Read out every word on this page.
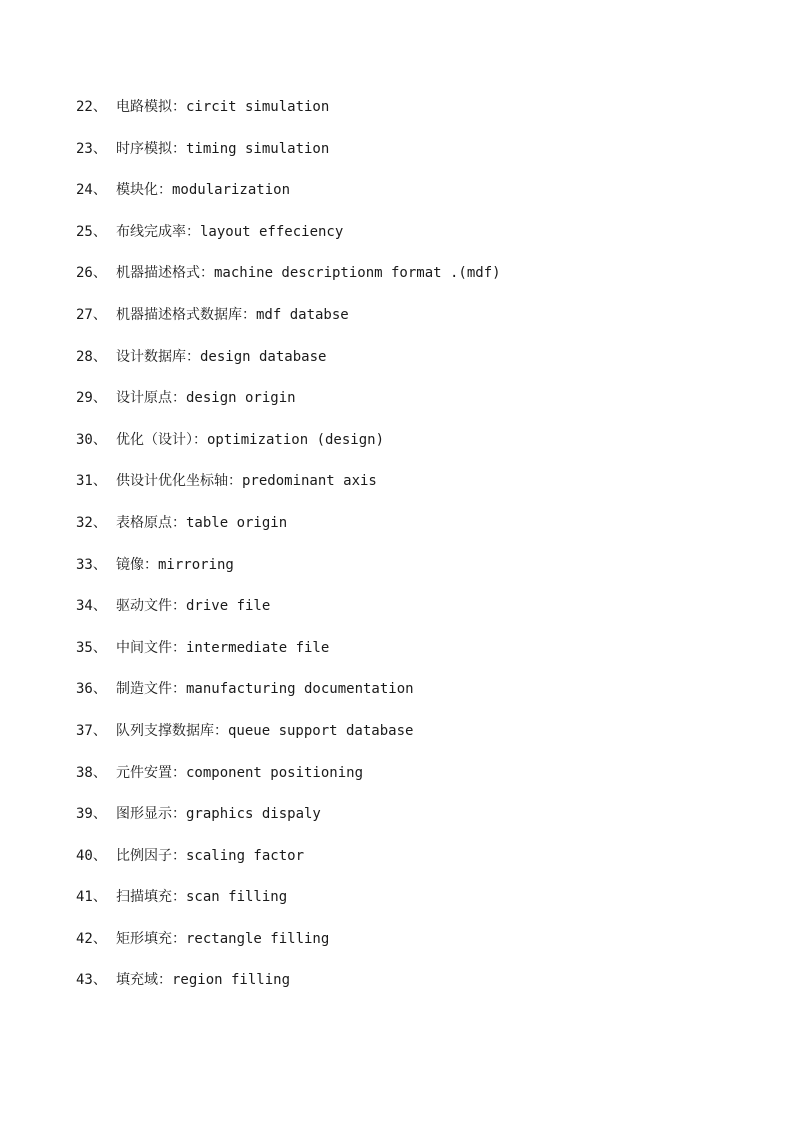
22、 电路模拟：circit simulation
23、 时序模拟：timing simulation
24、 模块化：modularization
25、 布线完成率：layout effeciency
26、 机器描述格式：machine descriptionm format .(mdf)
27、 机器描述格式数据库：mdf databse
28、 设计数据库：design database
29、 设计原点：design origin
30、 优化（设计）：optimization (design)
31、 供设计优化坐标轴：predominant axis
32、 表格原点：table origin
33、 镜像：mirroring
34、 驱动文件：drive file
35、 中间文件：intermediate file
36、 制造文件：manufacturing documentation
37、 队列支撑数据库：queue support database
38、 元件安置：component positioning
39、 图形显示：graphics dispaly
40、 比例因子：scaling factor
41、 扫描填充：scan filling
42、 矩形填充：rectangle filling
43、 填充域：region filling
